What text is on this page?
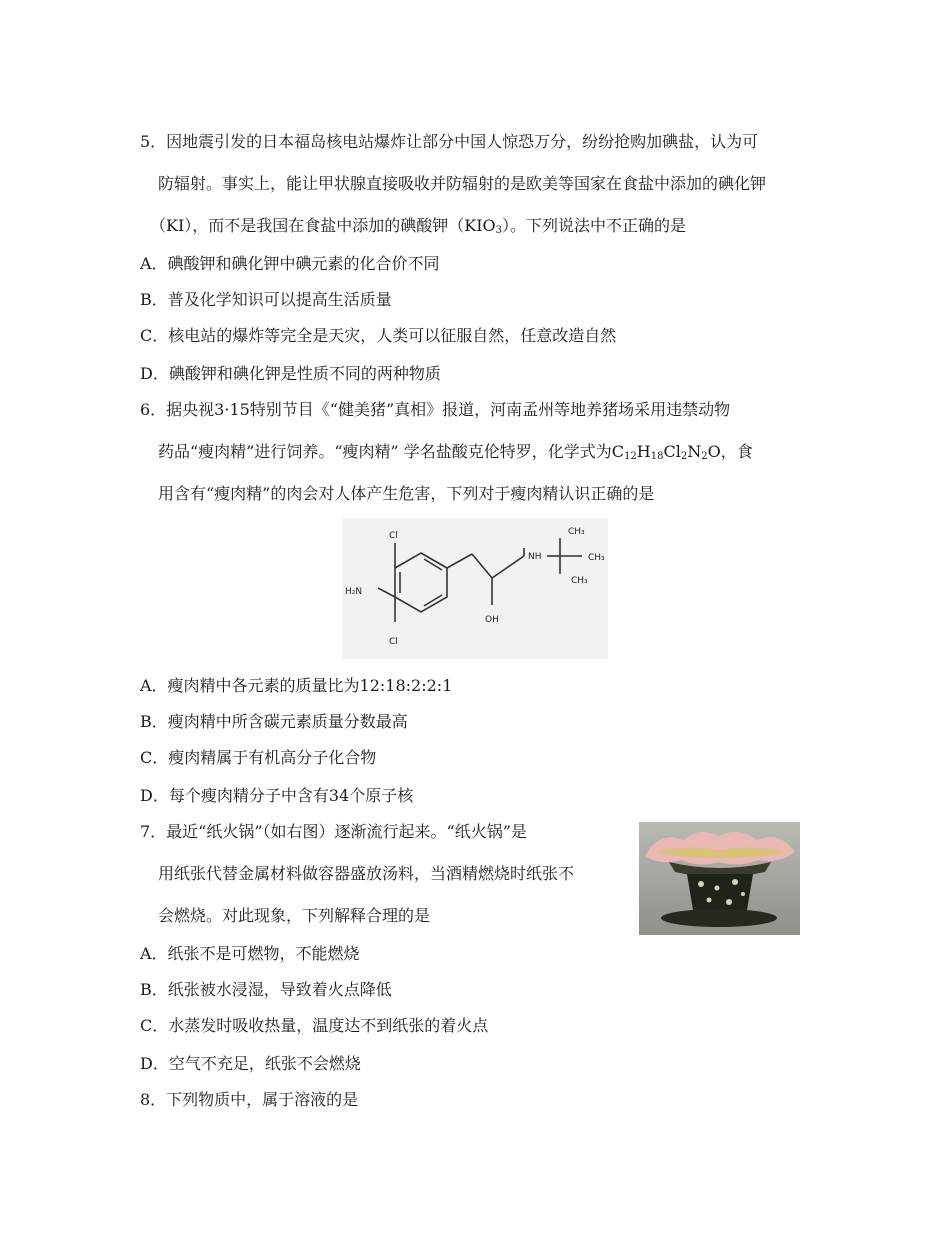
5．因地震引发的日本福岛核电站爆炸让部分中国人惊恐万分，纷纷抢购加碘盐，认为可
防辐射。事实上，能让甲状腺直接吸收并防辐射的是欧美等国家在食盐中添加的碘化钾
（KI），而不是我国在食盐中添加的碘酸钾$(KIO_3)$。下列说法中不正确的是
A．碘酸钾和碘化钾中碘元素的化合价不同
B．普及化学知识可以提高生活质量
C．核电站的爆炸等完全是天灾，人类可以征服自然，任意改造自然
D．碘酸钾和碘化钾是性质不同的两种物质
6．据央视3·15特别节目《“健美猪”真相》报道，河南孟州等地养猪场采用违禁动物
药品“瘦肉精”进行饲养。“瘦肉精” 学名盐酸克伦特罗，化学式为$C_{12}H_{18}Cl_2N_2O$，食
用含有“瘦肉精”的肉会对人体产生危害，下列对于瘦肉精认识正确的是
Cl
Cl
H₂N
OH
NH
CH₃
CH₃
CH₃
A．瘦肉精中各元素的质量比为12:18:2:2:1
B．瘦肉精中所含碳元素质量分数最高
C．瘦肉精属于有机高分子化合物
D．每个瘦肉精分子中含有34个原子核
7．最近“纸火锅”（如右图）逐渐流行起来。“纸火锅”是
用纸张代替金属材料做容器盛放汤料，当酒精燃烧时纸张不
会燃烧。对此现象，下列解释合理的是
A．纸张不是可燃物，不能燃烧
B．纸张被水浸湿，导致着火点降低
C．水蒸发时吸收热量，温度达不到纸张的着火点
D．空气不充足，纸张不会燃烧
8．下列物质中，属于溶液的是
